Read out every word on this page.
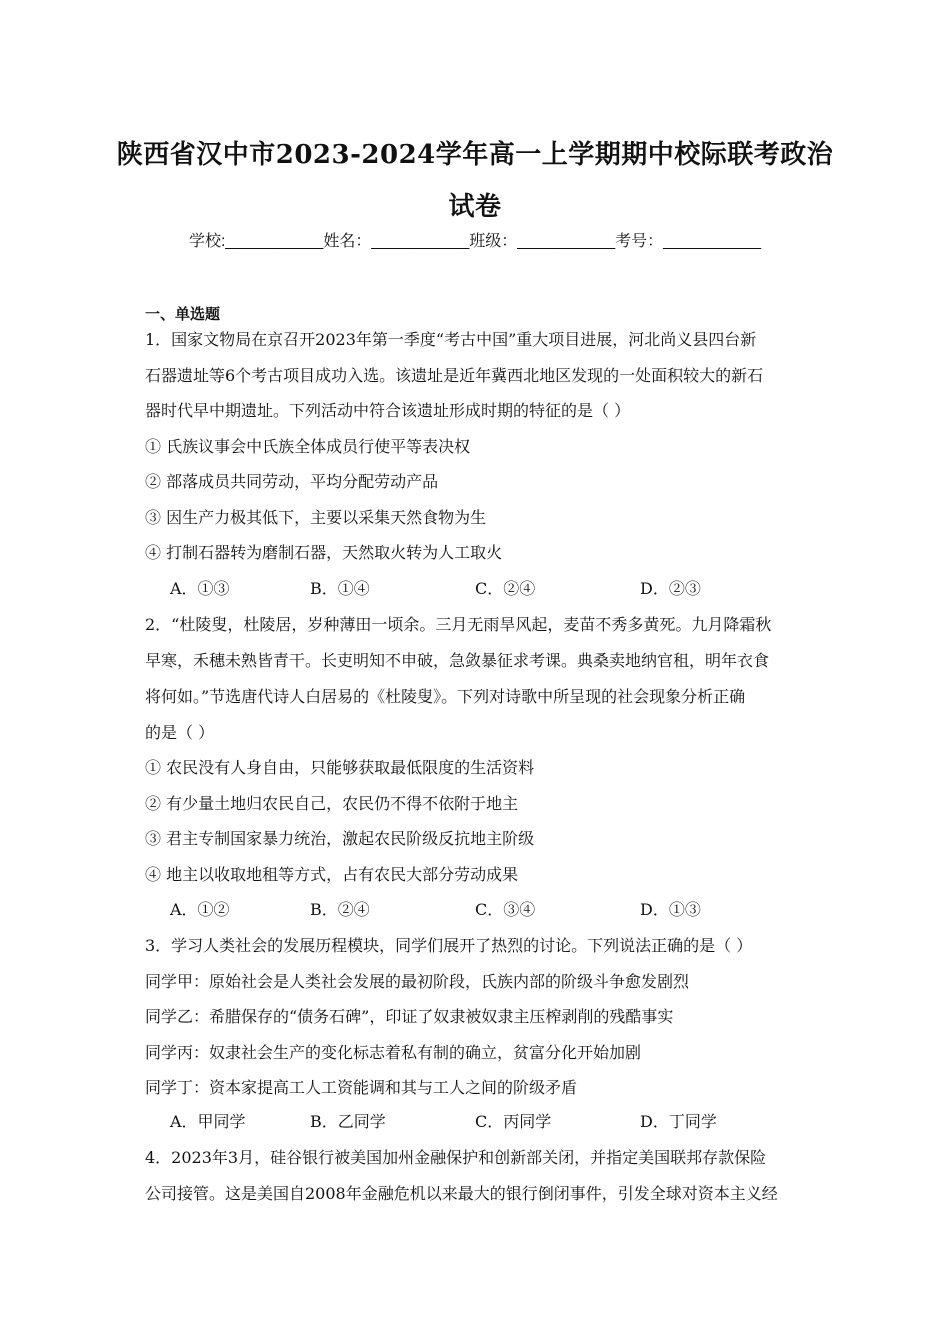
陕西省汉中市2023-2024学年高一上学期期中校际联考政治
试卷
学校:___________姓名：___________班级：___________考号：___________
一、单选题
1．国家文物局在京召开2023年第一季度“考古中国”重大项目进展，河北尚义县四台新
石器遗址等6个考古项目成功入选。该遗址是近年冀西北地区发现的一处面积较大的新石
器时代早中期遗址。下列活动中符合该遗址形成时期的特征的是（ ）
① 氏族议事会中氏族全体成员行使平等表决权
② 部落成员共同劳动，平均分配劳动产品
③ 因生产力极其低下，主要以采集天然食物为生
④ 打制石器转为磨制石器，天然取火转为人工取火
A．①③	B．①④	C．②④	D．②③
2．“杜陵叟，杜陵居，岁种薄田一顷余。三月无雨旱风起，麦苗不秀多黄死。九月降霜秋
早寒，禾穗未熟皆青干。长吏明知不申破，急敛暴征求考课。典桑卖地纳官租，明年衣食
将何如。”节选唐代诗人白居易的《杜陵叟》。下列对诗歌中所呈现的社会现象分析正确
的是（ ）
① 农民没有人身自由，只能够获取最低限度的生活资料
② 有少量土地归农民自己，农民仍不得不依附于地主
③ 君主专制国家暴力统治，激起农民阶级反抗地主阶级
④ 地主以收取地租等方式，占有农民大部分劳动成果
A．①②	B．②④	C．③④	D．①③
3．学习人类社会的发展历程模块，同学们展开了热烈的讨论。下列说法正确的是（ ）
同学甲：原始社会是人类社会发展的最初阶段，氏族内部的阶级斗争愈发剧烈
同学乙：希腊保存的“债务石碑”，印证了奴隶被奴隶主压榨剥削的残酷事实
同学丙：奴隶社会生产的变化标志着私有制的确立，贫富分化开始加剧
同学丁：资本家提高工人工资能调和其与工人之间的阶级矛盾
A．甲同学	B．乙同学	C．丙同学	D．丁同学
4．2023年3月，硅谷银行被美国加州金融保护和创新部关闭，并指定美国联邦存款保险
公司接管。这是美国自2008年金融危机以来最大的银行倒闭事件，引发全球对资本主义经
